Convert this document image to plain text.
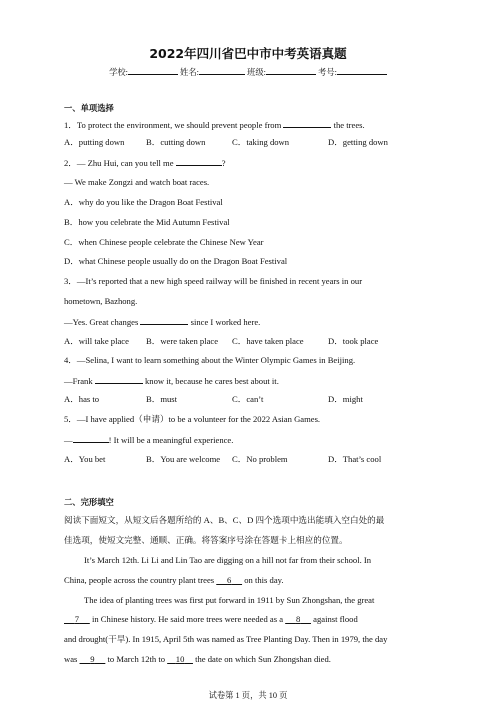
2022年四川省巴中市中考英语真题
学校:	姓名:	班级:	考号:
一、单项选择
1．To protect the environment, we should prevent people from	the trees.
A．putting down	B．cutting down	C．taking down	D．getting down
2．— Zhu Hui, can you tell me	?
— We make Zongzi and watch boat races.
A．why do you like the Dragon Boat Festival
B．how you celebrate the Mid Autumn Festival
C．when Chinese people celebrate the Chinese New Year
D．what Chinese people usually do on the Dragon Boat Festival
3．—It’s reported that a new high speed railway will be finished in recent years in our
hometown, Bazhong.
—Yes. Great changes	since I worked here.
A．will take place B．were taken place C．have taken place	D．took place
4．—Selina, I want to learn something about the Winter Olympic Games in Beijing.
—Frank	know it, because he cares best about it.
A．has to	B．must	C．can’t	D．might
5．—I have applied（申请）to be a volunteer for the 2022 Asian Games.
—	! It will be a meaningful experience.
A．You bet	B．You are welcome C．No problem	D．That’s cool
二、完形填空
阅读下面短文，从短文后各题所给的 A、B、C、D 四个选项中选出能填入空白处的最
佳选项，使短文完整、通顺、正确。将答案序号涂在答题卡上相应的位置。
It’s March 12th. Li Li and Lin Tao are digging on a hill not far from their school. In
China, people across the country plant trees 6 on this day.
The idea of planting trees was first put forward in 1911 by Sun Zhongshan, the great
7 in Chinese history. He said more trees were needed as a 8 against flood
and drought(干旱). In 1915, April 5th was named as Tree Planting Day. Then in 1979, the day
was 9 to March 12th to 10 the date on which Sun Zhongshan died.
试卷第 1 页，共 10 页
